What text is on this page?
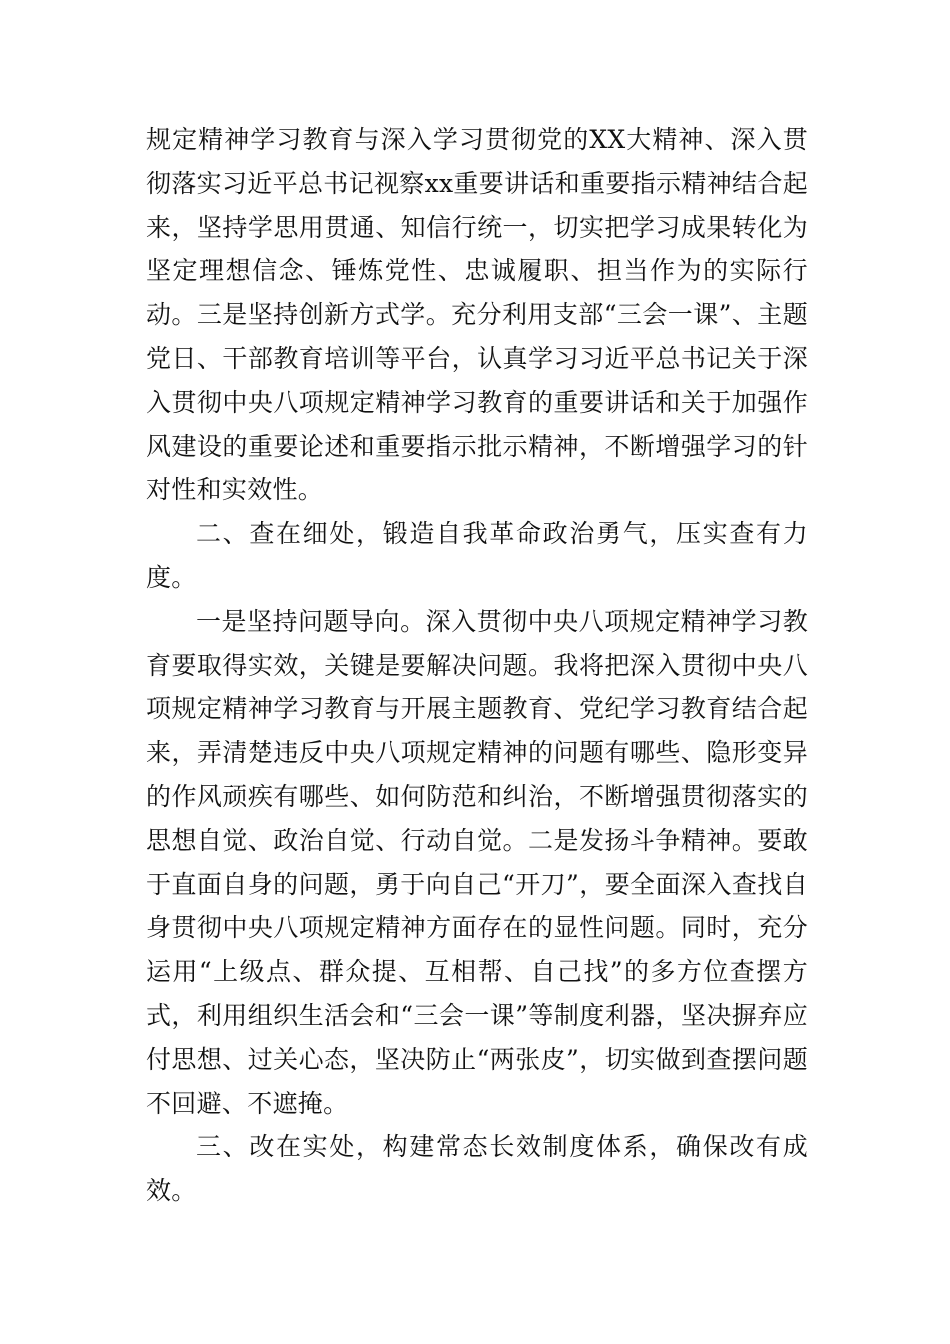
规定精神学习教育与深入学习贯彻党的XX大精神、深入贯彻落实习近平总书记视察xx重要讲话和重要指示精神结合起来，坚持学思用贯通、知信行统一，切实把学习成果转化为坚定理想信念、锤炼党性、忠诚履职、担当作为的实际行动。三是坚持创新方式学。充分利用支部“三会一课”、主题党日、干部教育培训等平台，认真学习习近平总书记关于深入贯彻中央八项规定精神学习教育的重要讲话和关于加强作风建设的重要论述和重要指示批示精神，不断增强学习的针对性和实效性。

二、查在细处，锻造自我革命政治勇气，压实查有力度。

一是坚持问题导向。深入贯彻中央八项规定精神学习教育要取得实效，关键是要解决问题。我将把深入贯彻中央八项规定精神学习教育与开展主题教育、党纪学习教育结合起来，弄清楚违反中央八项规定精神的问题有哪些、隐形变异的作风顽疾有哪些、如何防范和纠治，不断增强贯彻落实的思想自觉、政治自觉、行动自觉。二是发扬斗争精神。要敢于直面自身的问题，勇于向自己“开刀”，要全面深入查找自身贯彻中央八项规定精神方面存在的显性问题。同时，充分运用“上级点、群众提、互相帮、自己找”的多方位查摆方式，利用组织生活会和“三会一课”等制度利器，坚决摒弃应付思想、过关心态，坚决防止“两张皮”，切实做到查摆问题不回避、不遮掩。

三、改在实处，构建常态长效制度体系，确保改有成效。
